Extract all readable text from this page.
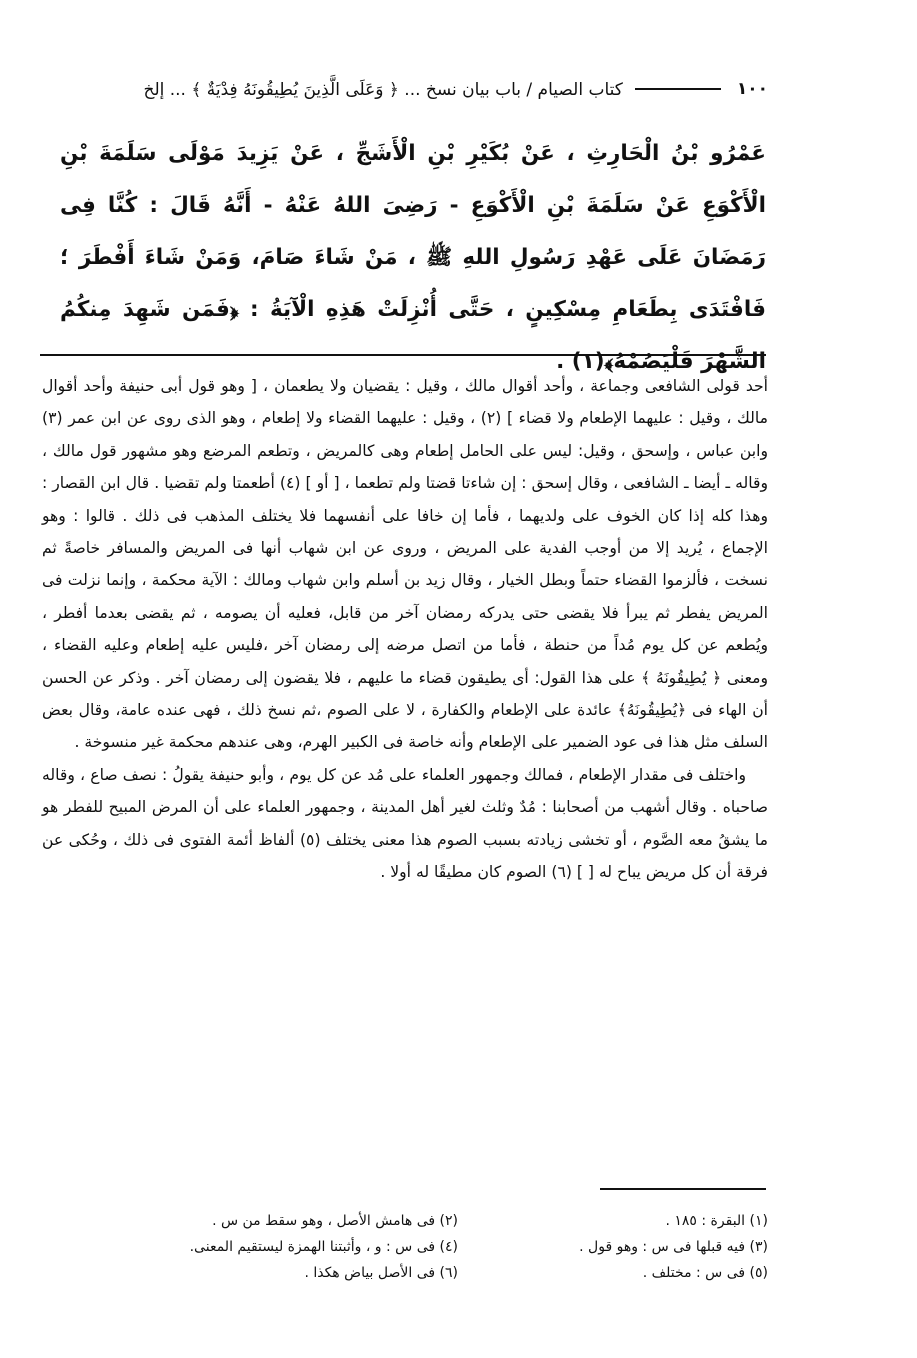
١٠٠
كتاب الصيام / باب بيان نسخ ... ﴿ وَعَلَى الَّذِينَ يُطِيقُونَهُ فِدْيَةٌ ﴾ ... إلخ
عَمْرُو بْنُ الْحَارِثِ ، عَنْ بُكَيْرِ بْنِ الْأَشَجِّ ، عَنْ يَزِيدَ مَوْلَى سَلَمَةَ بْنِ الْأَكْوَعِ عَنْ سَلَمَةَ بْنِ الْأَكْوَعِ - رَضِىَ اللهُ عَنْهُ - أَنَّهُ قَالَ : كُنَّا فِى رَمَضَانَ عَلَى عَهْدِ رَسُولِ اللهِ ﷺ ، مَنْ شَاءَ صَامَ، وَمَنْ شَاءَ أَفْطَرَ ؛ فَافْتَدَى بِطَعَامِ مِسْكِينٍ ، حَتَّى أُنْزِلَتْ هَذِهِ الْآيَةُ : ﴿فَمَن شَهِدَ مِنكُمُ الشَّهْرَ فَلْيَصُمْهُ﴾(١) .

أحد قولى الشافعى وجماعة ، وأحد أقوال مالك ، وقيل : يقضيان ولا يطعمان ، [ وهو قول أبى حنيفة وأحد أقوال مالك ، وقيل : عليهما الإطعام ولا قضاء ] (٢) ، وقيل : عليهما القضاء ولا إطعام ، وهو الذى روى عن ابن عمر (٣) وابن عباس ، وإسحق ، وقيل: ليس على الحامل إطعام وهى كالمريض ، وتطعم المرضع وهو مشهور قول مالك ، وقاله ـ أيضا ـ الشافعى ، وقال إسحق : إن شاءتا قضتا ولم تطعما ، [ أو ] (٤) أطعمتا ولم تقضيا . قال ابن القصار : وهذا كله إذا كان الخوف على ولديهما ، فأما إن خافا على أنفسهما فلا يختلف المذهب فى ذلك . قالوا : وهو الإجماع ، يُريد إلا من أوجب الفدية على المريض ، وروى عن ابن شهاب أنها فى المريض والمسافر خاصةً ثم نسخت ، فألزموا القضاء حتماً وبطل الخيار ، وقال زيد بن أسلم وابن شهاب ومالك : الآية محكمة ، وإنما نزلت فى المريض يفطر ثم يبرأ فلا يقضى حتى يدركه رمضان آخر من قابل، فعليه أن يصومه ، ثم يقضى بعدما أفطر ، ويُطعم عن كل يوم مُداً من حنطة ، فأما من اتصل مرضه إلى رمضان آخر ،فليس عليه إطعام وعليه القضاء ، ومعنى ﴿ يُطِيقُونَهُ ﴾ على هذا القول: أى يطيقون قضاء ما عليهم ، فلا يقضون إلى رمضان آخر . وذكر عن الحسن أن الهاء فى ﴿يُطِيقُونَهُ﴾ عائدة على الإطعام والكفارة ، لا على الصوم ،ثم نسخ ذلك ، فهى عنده عامة، وقال بعض السلف مثل هذا فى عود الضمير على الإطعام وأنه خاصة فى الكبير الهرم، وهى عندهم محكمة غير منسوخة .

واختلف فى مقدار الإطعام ، فمالك وجمهور العلماء على مُد عن كل يوم ، وأبو حنيفة يقولُ : نصف صاع ، وقاله صاحباه . وقال أشهب من أصحابنا : مُدٌ وثلث لغير أهل المدينة ، وجمهور العلماء على أن المرض المبيح للفطر هو ما يشقُ معه الصَّوم ، أو تخشى زيادته بسبب الصوم هذا معنى يختلف (٥) ألفاظ أئمة الفتوى فى ذلك ، وحُكى عن فرقة أن كل مريض يباح له [ ] (٦) الصوم كان مطيقًا له أولا .

(١) البقرة : ١٨٥ .
(٢) فى هامش الأصل ، وهو سقط من س .
(٣) فيه قبلها فى س : وهو قول .
(٤) فى س : و ، وأثبتنا الهمزة ليستقيم المعنى.
(٥) فى س : مختلف .
(٦) فى الأصل بياض هكذا .
